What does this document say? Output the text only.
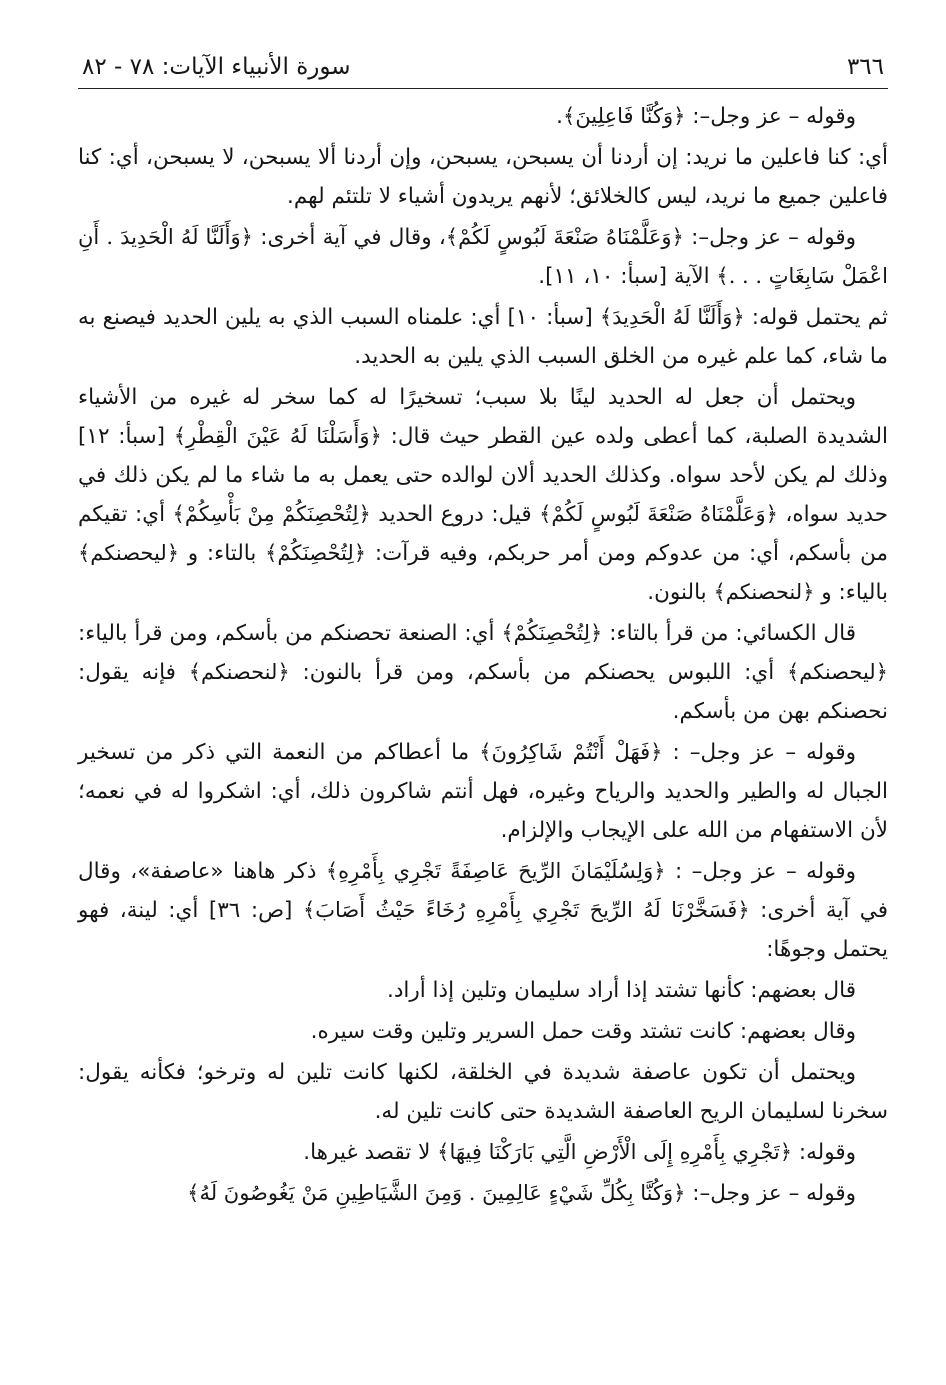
٣٦٦
سورة الأنبياء الآيات: ٧٨ - ٨٢

وقوله – عز وجل–: ﴿وَكُنَّا فَاعِلِينَ﴾.

أي: كنا فاعلين ما نريد: إن أردنا أن يسبحن، يسبحن، وإن أردنا ألا يسبحن، لا يسبحن، أي: كنا فاعلين جميع ما نريد، ليس كالخلائق؛ لأنهم يريدون أشياء لا تلتئم لهم.

وقوله – عز وجل–: ﴿وَعَلَّمْنَاهُ صَنْعَةَ لَبُوسٍ لَكُمْ﴾، وقال في آية أخرى: ﴿وَأَلَنَّا لَهُ الْحَدِيدَ . أَنِ اعْمَلْ سَابِغَاتٍ . . .﴾ الآية [سبأ: ١٠، ١١].

ثم يحتمل قوله: ﴿وَأَلَنَّا لَهُ الْحَدِيدَ﴾ [سبأ: ١٠] أي: علمناه السبب الذي به يلين الحديد فيصنع به ما شاء، كما علم غيره من الخلق السبب الذي يلين به الحديد.

ويحتمل أن جعل له الحديد لينًا بلا سبب؛ تسخيرًا له كما سخر له غيره من الأشياء الشديدة الصلبة، كما أعطى ولده عين القطر حيث قال: ﴿وَأَسَلْنَا لَهُ عَيْنَ الْقِطْرِ﴾ [سبأ: ١٢] وذلك لم يكن لأحد سواه. وكذلك الحديد ألان لوالده حتى يعمل به ما شاء ما لم يكن ذلك في حديد سواه، ﴿وَعَلَّمْنَاهُ صَنْعَةَ لَبُوسٍ لَكُمْ﴾ قيل: دروع الحديد ﴿لِتُحْصِنَكُمْ مِنْ بَأْسِكُمْ﴾ أي: تقيكم من بأسكم، أي: من عدوكم ومن أمر حربكم، وفيه قرآت: ﴿لِتُحْصِنَكُمْ﴾ بالتاء: و ﴿ليحصنكم﴾ بالياء: و ﴿لنحصنكم﴾ بالنون.

قال الكسائي: من قرأ بالتاء: ﴿لِتُحْصِنَكُمْ﴾ أي: الصنعة تحصنكم من بأسكم، ومن قرأ بالياء: ﴿ليحصنكم﴾ أي: اللبوس يحصنكم من بأسكم، ومن قرأ بالنون: ﴿لنحصنكم﴾ فإنه يقول: نحصنكم بهن من بأسكم.

وقوله – عز وجل– : ﴿فَهَلْ أَنْتُمْ شَاكِرُونَ﴾ ما أعطاكم من النعمة التي ذكر من تسخير الجبال له والطير والحديد والرياح وغيره، فهل أنتم شاكرون ذلك، أي: اشكروا له في نعمه؛ لأن الاستفهام من الله على الإيجاب والإلزام.

وقوله – عز وجل– : ﴿وَلِسُلَيْمَانَ الرِّيحَ عَاصِفَةً تَجْرِي بِأَمْرِهِ﴾ ذكر هاهنا «عاصفة»، وقال في آية أخرى: ﴿فَسَخَّرْنَا لَهُ الرِّيحَ تَجْرِي بِأَمْرِهِ رُخَاءً حَيْثُ أَصَابَ﴾ [ص: ٣٦] أي: لينة، فهو يحتمل وجوهًا:

قال بعضهم: كأنها تشتد إذا أراد سليمان وتلين إذا أراد.

وقال بعضهم: كانت تشتد وقت حمل السرير وتلين وقت سيره.

ويحتمل أن تكون عاصفة شديدة في الخلقة، لكنها كانت تلين له وترخو؛ فكأنه يقول: سخرنا لسليمان الريح العاصفة الشديدة حتى كانت تلين له.

وقوله: ﴿تَجْرِي بِأَمْرِهِ إِلَى الْأَرْضِ الَّتِي بَارَكْنَا فِيهَا﴾ لا تقصد غيرها.

وقوله – عز وجل–: ﴿وَكُنَّا بِكُلِّ شَيْءٍ عَالِمِينَ . وَمِنَ الشَّيَاطِينِ مَنْ يَغُوصُونَ لَهُ﴾
